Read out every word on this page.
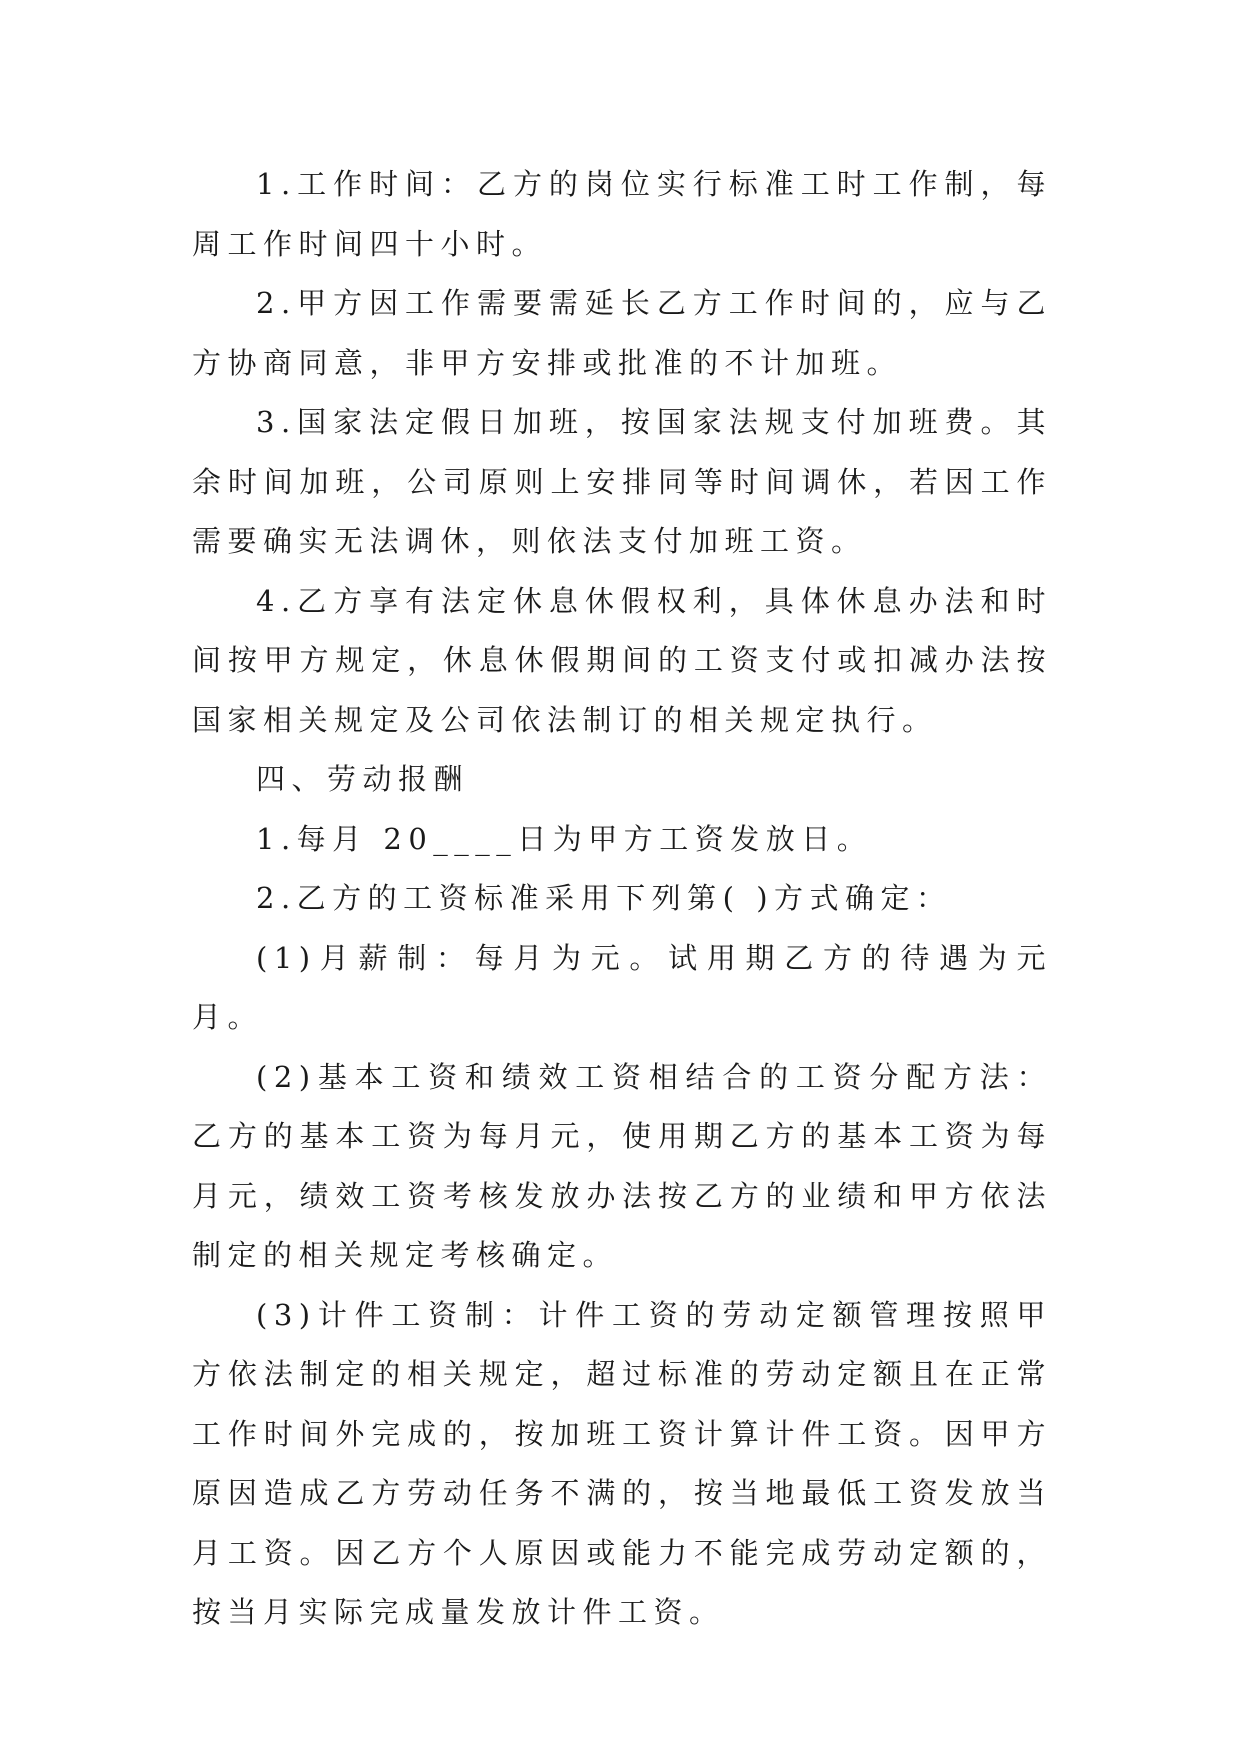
1.工作时间：乙方的岗位实行标准工时工作制，每周工作时间四十小时。

2.甲方因工作需要需延长乙方工作时间的，应与乙方协商同意，非甲方安排或批准的不计加班。

3.国家法定假日加班，按国家法规支付加班费。其余时间加班，公司原则上安排同等时间调休，若因工作需要确实无法调休，则依法支付加班工资。

4.乙方享有法定休息休假权利，具体休息办法和时间按甲方规定，休息休假期间的工资支付或扣减办法按国家相关规定及公司依法制订的相关规定执行。

四、劳动报酬

1.每月 20____日为甲方工资发放日。

2.乙方的工资标准采用下列第( )方式确定：

(1)月薪制：每月为元。试用期乙方的待遇为元月。

(2)基本工资和绩效工资相结合的工资分配方法：乙方的基本工资为每月元，使用期乙方的基本工资为每月元，绩效工资考核发放办法按乙方的业绩和甲方依法制定的相关规定考核确定。

(3)计件工资制：计件工资的劳动定额管理按照甲方依法制定的相关规定，超过标准的劳动定额且在正常工作时间外完成的，按加班工资计算计件工资。因甲方原因造成乙方劳动任务不满的，按当地最低工资发放当月工资。因乙方个人原因或能力不能完成劳动定额的，按当月实际完成量发放计件工资。
